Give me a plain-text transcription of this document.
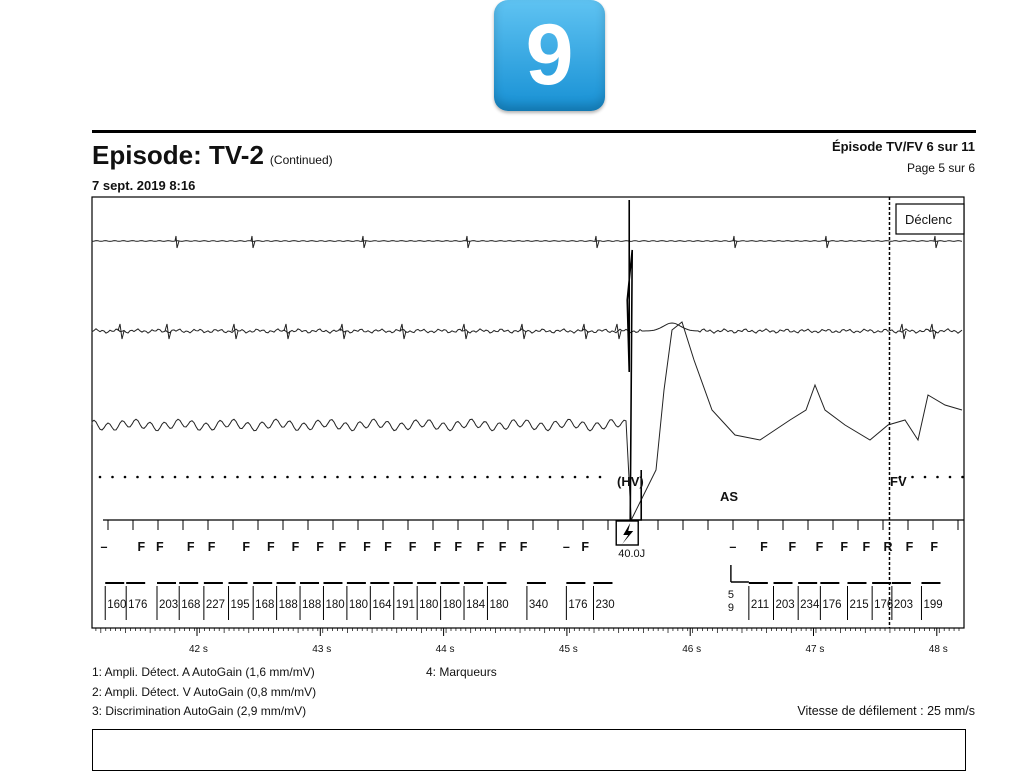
9
Episode: TV-2 (Continued)
7 sept. 2019 8:16
Épisode TV/FV 6 sur 11
Page 5 sur 6
Déclenc
(HV)
AS
FV
– F F F F F F F F F F F F F F F F F	– F	– F F F F F R F F
40.0J
5
9
160 176 203 168 227 195 168 188 188 180 180 164 191 180 180 184 180 340 176 230	211 203 234 176 215 176 203 199
42 s	43 s	44 s	45 s	46 s	47 s	48 s
1: Ampli. Détect. A AutoGain (1,6 mm/mV)
2: Ampli. Détect. V AutoGain (0,8 mm/mV)
3: Discrimination AutoGain (2,9 mm/mV)
4: Marqueurs
Vitesse de défilement : 25 mm/s
